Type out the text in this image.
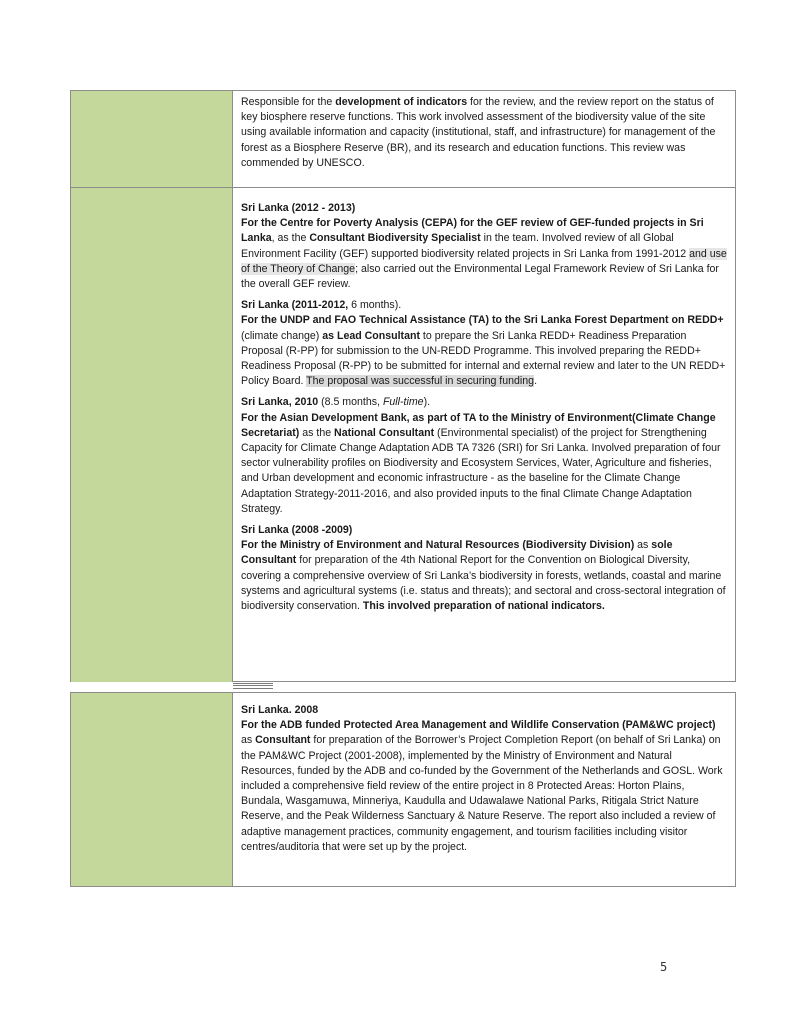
Responsible for the development of indicators for the review, and the review report on the status of key biosphere reserve functions. This work involved assessment of the biodiversity value of the site using available information and capacity (institutional, staff, and infrastructure) for management of the forest as a Biosphere Reserve (BR), and its research and education functions. This review was commended by UNESCO.

Sri Lanka (2012 - 2013)
For the Centre for Poverty Analysis (CEPA) for the GEF review of GEF-funded projects in Sri Lanka, as the Consultant Biodiversity Specialist in the team. Involved review of all Global Environment Facility (GEF) supported biodiversity related projects in Sri Lanka from 1991-2012 and use of the Theory of Change; also carried out the Environmental Legal Framework Review of Sri Lanka for the overall GEF review.

Sri Lanka (2011-2012, 6 months).
For the UNDP and FAO Technical Assistance (TA) to the Sri Lanka Forest Department on REDD+ (climate change) as Lead Consultant to prepare the Sri Lanka REDD+ Readiness Preparation Proposal (R-PP) for submission to the UN-REDD Programme. This involved preparing the REDD+ Readiness Proposal (R-PP) to be submitted for internal and external review and later to the UN REDD+ Policy Board. The proposal was successful in securing funding.

Sri Lanka, 2010 (8.5 months, Full-time).
For the Asian Development Bank, as part of TA to the Ministry of Environment(Climate Change Secretariat) as the National Consultant (Environmental specialist) of the project for Strengthening Capacity for Climate Change Adaptation ADB TA 7326 (SRI) for Sri Lanka. Involved preparation of four sector vulnerability profiles on Biodiversity and Ecosystem Services, Water, Agriculture and fisheries, and Urban development and economic infrastructure - as the baseline for the Climate Change Adaptation Strategy-2011-2016, and also provided inputs to the final Climate Change Adaptation Strategy.

Sri Lanka (2008 -2009)
For the Ministry of Environment and Natural Resources (Biodiversity Division) as sole Consultant for preparation of the 4th National Report for the Convention on Biological Diversity, covering a comprehensive overview of Sri Lanka’s biodiversity in forests, wetlands, coastal and marine systems and agricultural systems (i.e. status and threats); and sectoral and cross-sectoral integration of biodiversity conservation. This involved preparation of national indicators.

Sri Lanka. 2008
For the ADB funded Protected Area Management and Wildlife Conservation (PAM&WC project) as Consultant for preparation of the Borrower’s Project Completion Report (on behalf of Sri Lanka) on the PAM&WC Project (2001-2008), implemented by the Ministry of Environment and Natural Resources, funded by the ADB and co-funded by the Government of the Netherlands and GOSL. Work included a comprehensive field review of the entire project in 8 Protected Areas: Horton Plains, Bundala, Wasgamuwa, Minneriya, Kaudulla and Udawalawe National Parks, Ritigala Strict Nature Reserve, and the Peak Wilderness Sanctuary & Nature Reserve. The report also included a review of adaptive management practices, community engagement, and tourism facilities including visitor centres/auditoria that were set up by the project.

5
